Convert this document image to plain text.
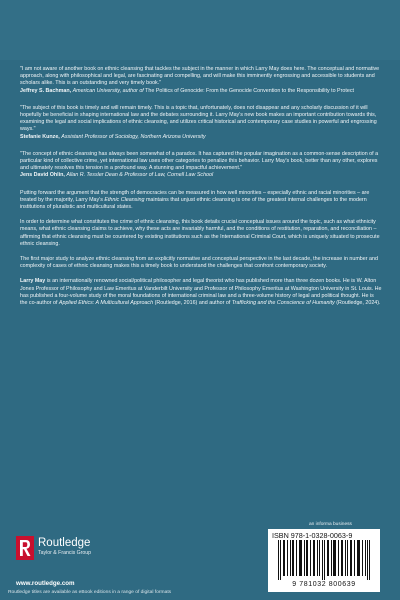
"I am not aware of another book on ethnic cleansing that tackles the subject in the manner in which Larry May does here. The conceptual and normative approach, along with philosophical and legal, are fascinating and compelling, and will make this imminently engrossing and accessible to students and scholars alike. This is an outstanding and very timely book."

Jeffrey S. Bachman, American University, author of The Politics of Genocide: From the Genocide Convention to the Responsibility to Protect

"The subject of this book is timely and will remain timely. This is a topic that, unfortunately, does not disappear and any scholarly discussion of it will hopefully be beneficial in shaping international law and the debates surrounding it. Larry May's new book makes an important contribution towards this, examining the legal and social implications of ethnic cleansing, and utilizes critical historical and contemporary case studies in powerful and engrossing ways."

Stefanie Kunze, Assistant Professor of Sociology, Northern Arizona University

"The concept of ethnic cleansing has always been somewhat of a paradox. It has captured the popular imagination as a common-sense description of a particular kind of collective crime, yet international law uses other categories to penalize this behavior. Larry May's book, better than any other, explores and ultimately resolves this tension in a profound way. A stunning and impactful achievement."

Jens David Ohlin, Allan R. Tessler Dean & Professor of Law, Cornell Law School

Putting forward the argument that the strength of democracies can be measured in how well minorities – especially ethnic and racial minorities – are treated by the majority, Larry May's Ethnic Cleansing maintains that unjust ethnic cleansing is one of the greatest internal challenges to the modern institutions of pluralistic and multicultural states.

In order to determine what constitutes the crime of ethnic cleansing, this book details crucial conceptual issues around the topic, such as what ethnicity means, what ethnic cleansing claims to achieve, why these acts are invariably harmful, and the conditions of restitution, reparation, and reconciliation – affirming that ethnic cleansing must be countered by existing institutions such as the International Criminal Court, which is uniquely situated to prosecute ethnic cleansing.

The first major study to analyze ethnic cleansing from an explicitly normative and conceptual perspective in the last decade, the increase in number and complexity of cases of ethnic cleansing makes this a timely book to understand the challenges that confront contemporary society.

Larry May is an internationally renowned social/political philosopher and legal theorist who has published more than three dozen books. He is W. Alton Jones Professor of Philosophy and Law Emeritus at Vanderbilt University and Professor of Philosophy Emeritus at Washington University in St. Louis. He has published a four-volume study of the moral foundations of international criminal law and a three-volume history of legal and political thought. He is the co-author of Applied Ethics: A Multicultural Approach (Routledge, 2016) and author of Trafficking and the Conscience of Humanity (Routledge, 2024).

Routledge
Taylor & Francis Group
www.routledge.com
Routledge titles are available as eBook editions in a range of digital formats
an informa business
ISBN 978-1-0328-0063-9
9 781032 800639
